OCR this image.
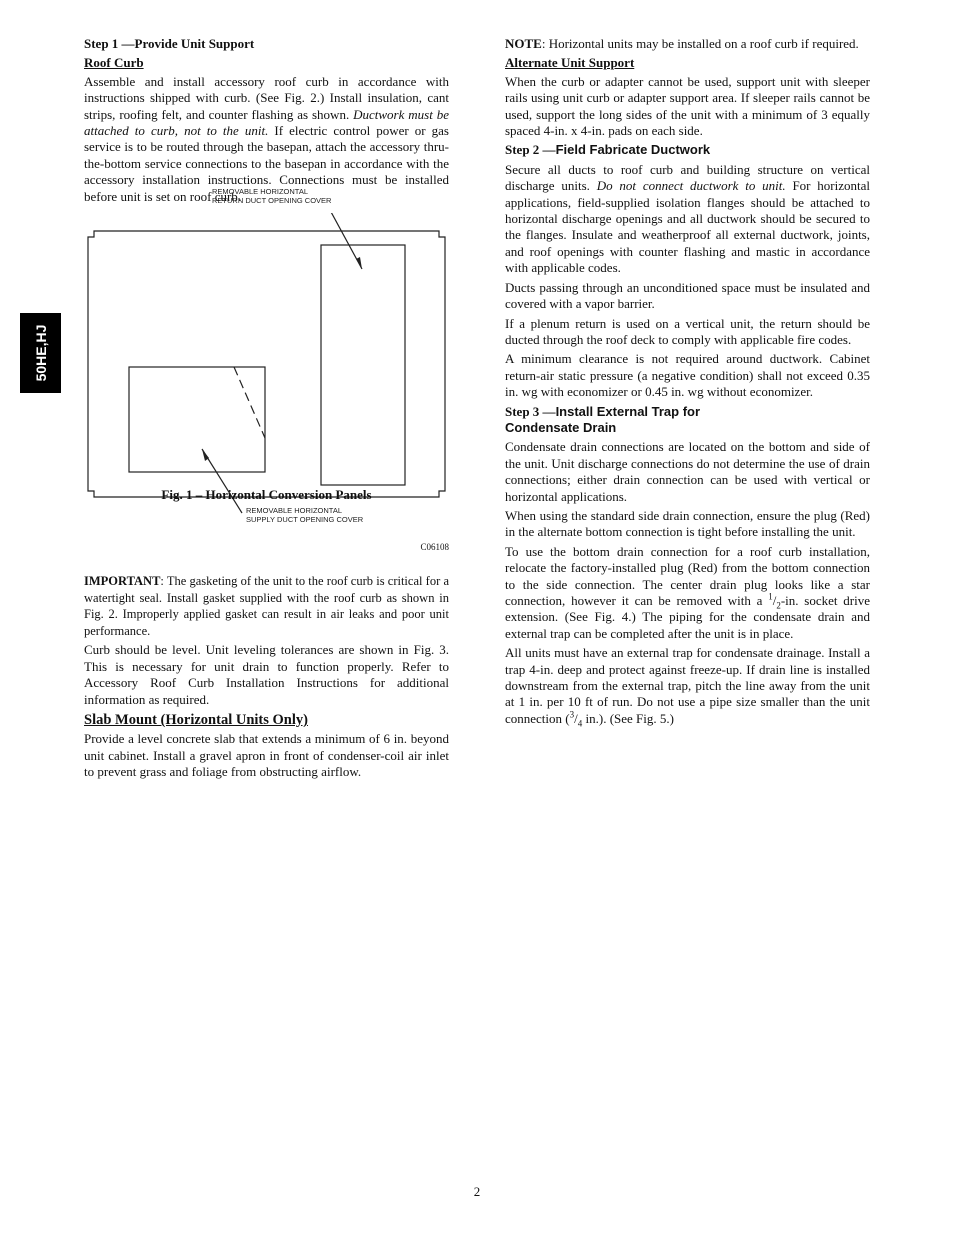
50HE,HJ
Step 1 —Provide Unit Support
Roof Curb

Assemble and install accessory roof curb in accordance with instructions shipped with curb. (See Fig. 2.) Install insulation, cant strips, roofing felt, and counter flashing as shown. Ductwork must be attached to curb, not to the unit. If electric control power or gas service is to be routed through the basepan, attach the accessory thru-the-bottom service connections to the basepan in accordance with the accessory installation instructions. Connections must be installed before unit is set on roof curb.

REMOVABLE HORIZONTAL
RETURN DUCT OPENING COVER
REMOVABLE HORIZONTAL
SUPPLY DUCT OPENING COVER
C06108
Fig. 1 – Horizontal Conversion Panels

IMPORTANT: The gasketing of the unit to the roof curb is critical for a watertight seal. Install gasket supplied with the roof curb as shown in Fig. 2. Improperly applied gasket can result in air leaks and poor unit performance.

Curb should be level. Unit leveling tolerances are shown in Fig. 3. This is necessary for unit drain to function properly. Refer to Accessory Roof Curb Installation Instructions for additional information as required.

Slab Mount (Horizontal Units Only)

Provide a level concrete slab that extends a minimum of 6 in. beyond unit cabinet. Install a gravel apron in front of condenser-coil air inlet to prevent grass and foliage from obstructing airflow.

NOTE: Horizontal units may be installed on a roof curb if required.

Alternate Unit Support

When the curb or adapter cannot be used, support unit with sleeper rails using unit curb or adapter support area. If sleeper rails cannot be used, support the long sides of the unit with a minimum of 3 equally spaced 4-in. x 4-in. pads on each side.

Step 2 —Field Fabricate Ductwork

Secure all ducts to roof curb and building structure on vertical discharge units. Do not connect ductwork to unit. For horizontal applications, field-supplied isolation flanges should be attached to horizontal discharge openings and all ductwork should be secured to the flanges. Insulate and weatherproof all external ductwork, joints, and roof openings with counter flashing and mastic in accordance with applicable codes.

Ducts passing through an unconditioned space must be insulated and covered with a vapor barrier.

If a plenum return is used on a vertical unit, the return should be ducted through the roof deck to comply with applicable fire codes.

A minimum clearance is not required around ductwork. Cabinet return-air static pressure (a negative condition) shall not exceed 0.35 in. wg with economizer or 0.45 in. wg without economizer.

Step 3 —Install External Trap for
Condensate Drain

Condensate drain connections are located on the bottom and side of the unit. Unit discharge connections do not determine the use of drain connections; either drain connection can be used with vertical or horizontal applications.

When using the standard side drain connection, ensure the plug (Red) in the alternate bottom connection is tight before installing the unit.

To use the bottom drain connection for a roof curb installation, relocate the factory-installed plug (Red) from the bottom connection to the side connection. The center drain plug looks like a star connection, however it can be removed with a $^1/_2-in$. socket drive extension. (See Fig. 4.) The piping for the condensate drain and external trap can be completed after the unit is in place.

All units must have an external trap for condensate drainage. Install a trap 4-in. deep and protect against freeze-up. If drain line is installed downstream from the external trap, pitch the line away from the unit at 1 in. per 10 ft of run. Do not use a pipe size smaller than the unit connection ($^3/_4$ in.). (See Fig. 5.)

2
